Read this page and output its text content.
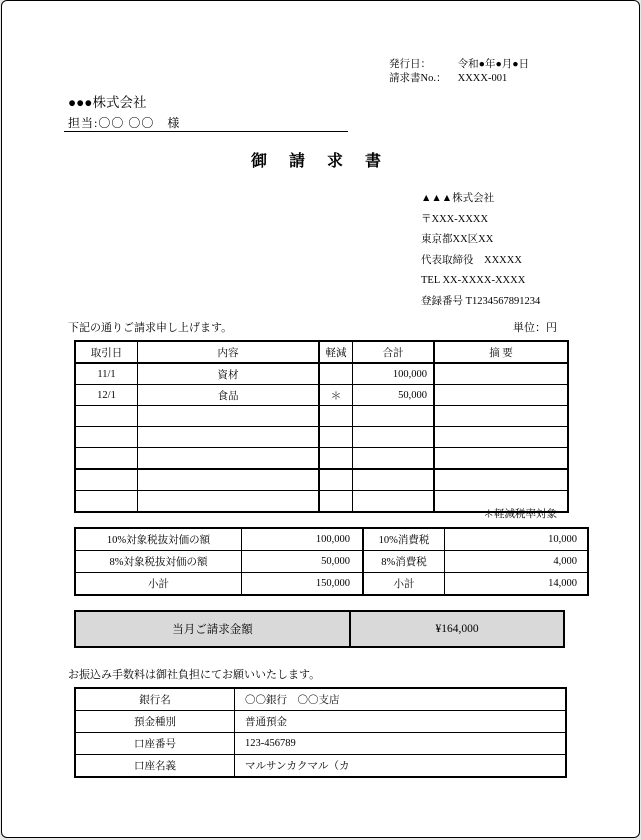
発行日：	令和●年●月●日
請求書No.： XXXX-001
●●●株式会社
担当:〇〇 〇〇　様
御 請 求 書
▲▲▲株式会社
〒XXX-XXXX
東京都XX区XX
代表取締役　XXXXX
TEL XX-XXXX-XXXX
登録番号 T1234567891234
下記の通りご請求申し上げます。	単位：円
取引日	内容	軽減	合計	摘 要
11/1	資材		100,000	
12/1	食品	＊	50,000	

＊軽減税率対象
10%対象税抜対価の額	100,000	10%消費税	10,000
8%対象税抜対価の額	50,000	8%消費税	4,000
小計	150,000	小計	14,000
当月ご請求金額	¥164,000
お振込み手数料は御社負担にてお願いいたします。
銀行名	〇〇銀行　〇〇支店
預金種別	普通預金
口座番号	123-456789
口座名義	マルサンカクマル（カ
